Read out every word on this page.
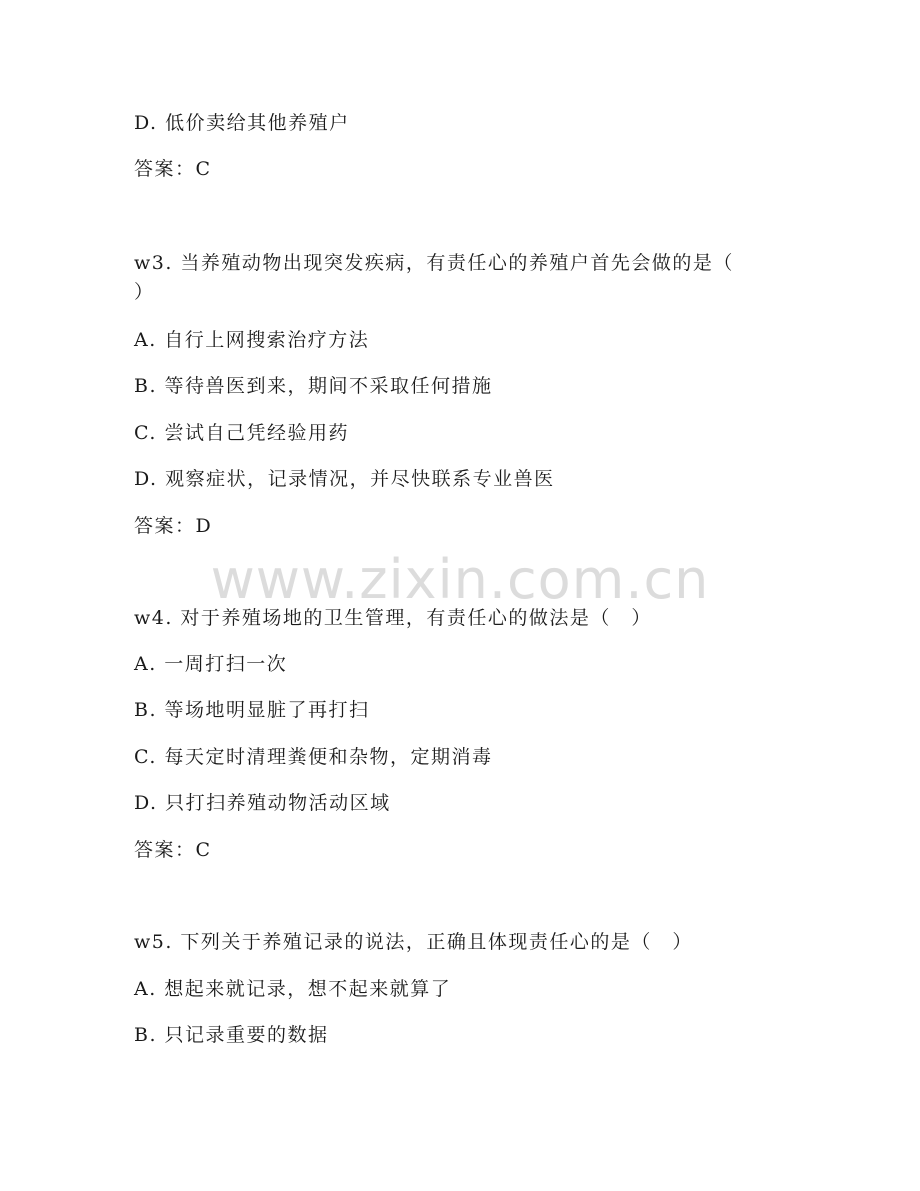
www.zixin.com.cn
D. 低价卖给其他养殖户
答案：C
w3. 当养殖动物出现突发疾病，有责任心的养殖户首先会做的是（
）
A. 自行上网搜索治疗方法
B. 等待兽医到来，期间不采取任何措施
C. 尝试自己凭经验用药
D. 观察症状，记录情况，并尽快联系专业兽医
答案：D
w4. 对于养殖场地的卫生管理，有责任心的做法是（　）
A. 一周打扫一次
B. 等场地明显脏了再打扫
C. 每天定时清理粪便和杂物，定期消毒
D. 只打扫养殖动物活动区域
答案：C
w5. 下列关于养殖记录的说法，正确且体现责任心的是（　）
A. 想起来就记录，想不起来就算了
B. 只记录重要的数据
